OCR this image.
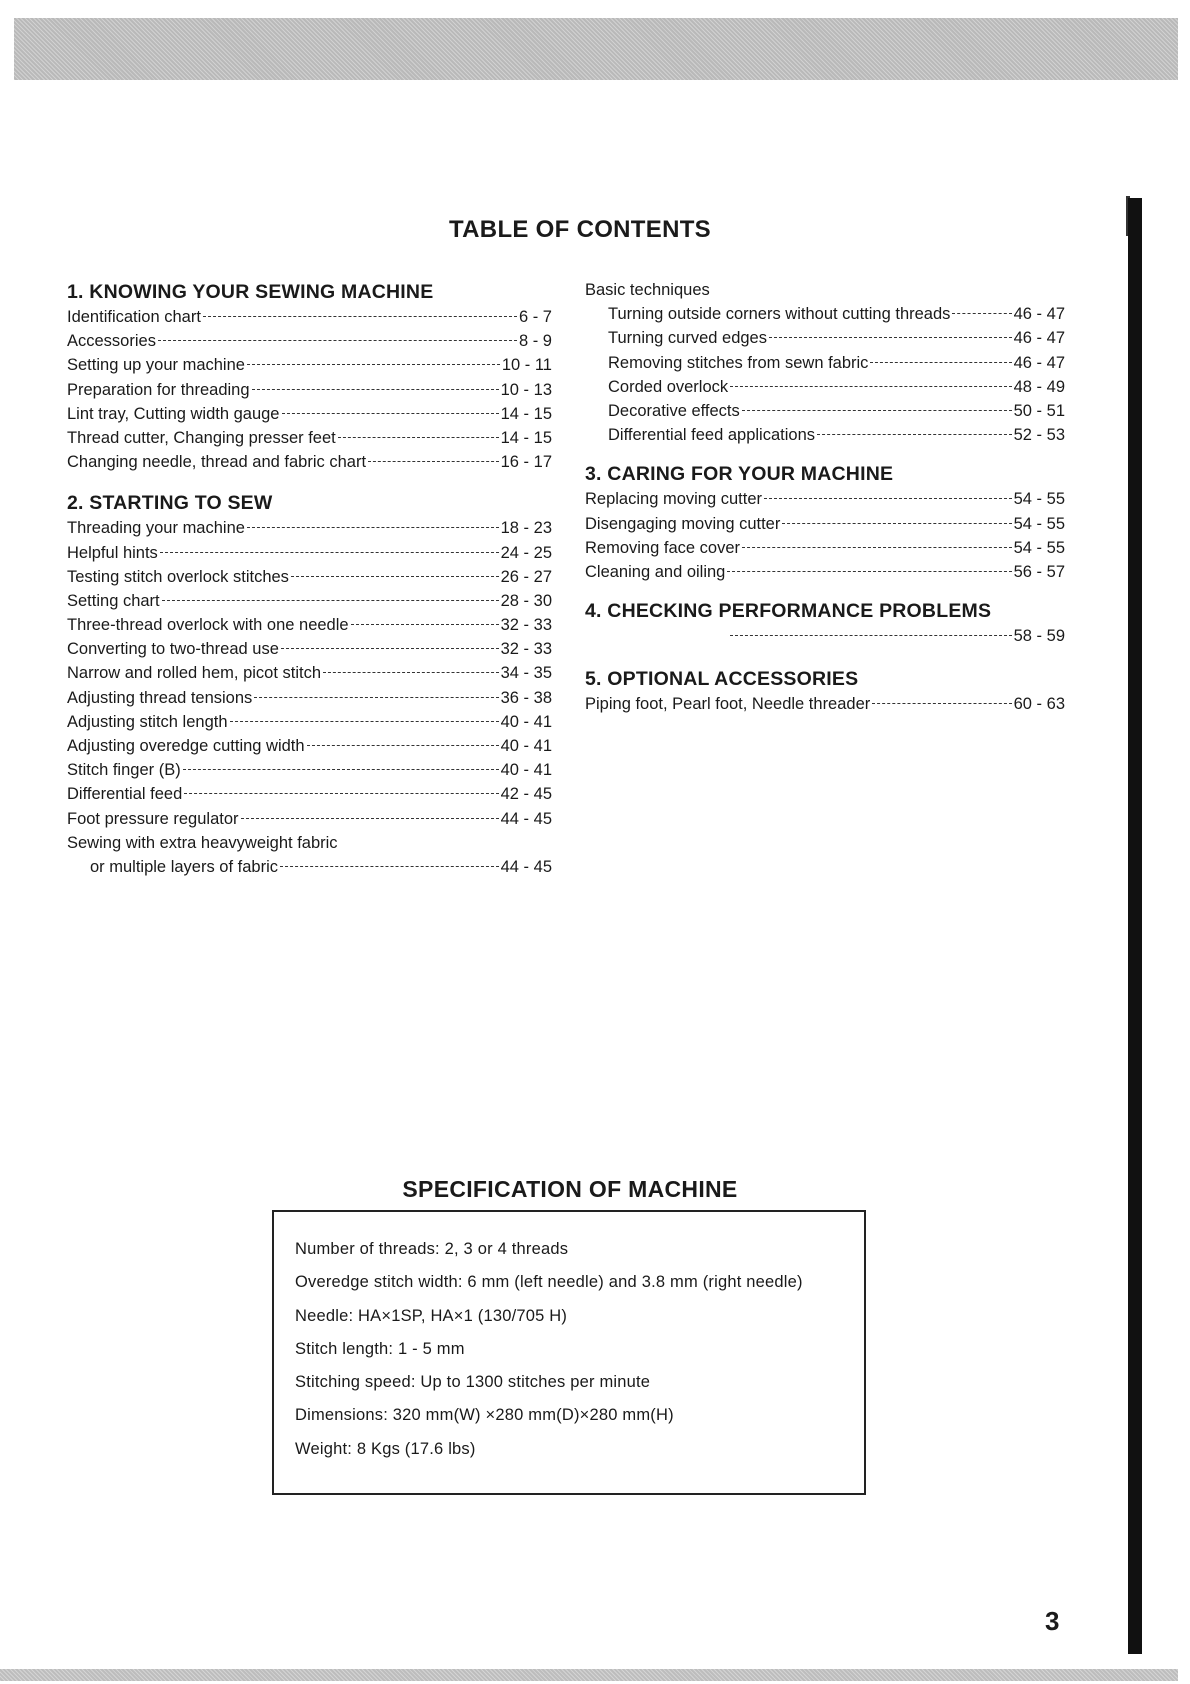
TABLE OF CONTENTS
1. KNOWING YOUR SEWING MACHINE
Identification chart	6 - 7
Accessories	8 - 9
Setting up your machine	10 - 11
Preparation for threading	10 - 13
Lint tray, Cutting width gauge	14 - 15
Thread cutter, Changing presser feet	14 - 15
Changing needle, thread and fabric chart	16 - 17
2. STARTING TO SEW
Threading your machine	18 - 23
Helpful hints	24 - 25
Testing stitch overlock stitches	26 - 27
Setting chart	28 - 30
Three-thread overlock with one needle	32 - 33
Converting to two-thread use	32 - 33
Narrow and rolled hem, picot stitch	34 - 35
Adjusting thread tensions	36 - 38
Adjusting stitch length	40 - 41
Adjusting overedge cutting width	40 - 41
Stitch finger (B)	40 - 41
Differential feed	42 - 45
Foot pressure regulator	44 - 45
Sewing with extra heavyweight fabric
or multiple layers of fabric	44 - 45
Basic techniques
Turning outside corners without cutting threads	46 - 47
Turning curved edges	46 - 47
Removing stitches from sewn fabric	46 - 47
Corded overlock	48 - 49
Decorative effects	50 - 51
Differential feed applications	52 - 53
3. CARING FOR YOUR MACHINE
Replacing moving cutter	54 - 55
Disengaging moving cutter	54 - 55
Removing face cover	54 - 55
Cleaning and oiling	56 - 57
4. CHECKING PERFORMANCE PROBLEMS
58 - 59
5. OPTIONAL ACCESSORIES
Piping foot, Pearl foot, Needle threader	60 - 63
SPECIFICATION OF MACHINE
Number of threads: 2, 3 or 4 threads
Overedge stitch width: 6 mm (left needle) and 3.8 mm (right needle)
Needle: HA×1SP, HA×1 (130/705 H)
Stitch length: 1 - 5 mm
Stitching speed: Up to 1300 stitches per minute
Dimensions: 320 mm(W) ×280 mm(D)×280 mm(H)
Weight: 8 Kgs (17.6 lbs)
3
